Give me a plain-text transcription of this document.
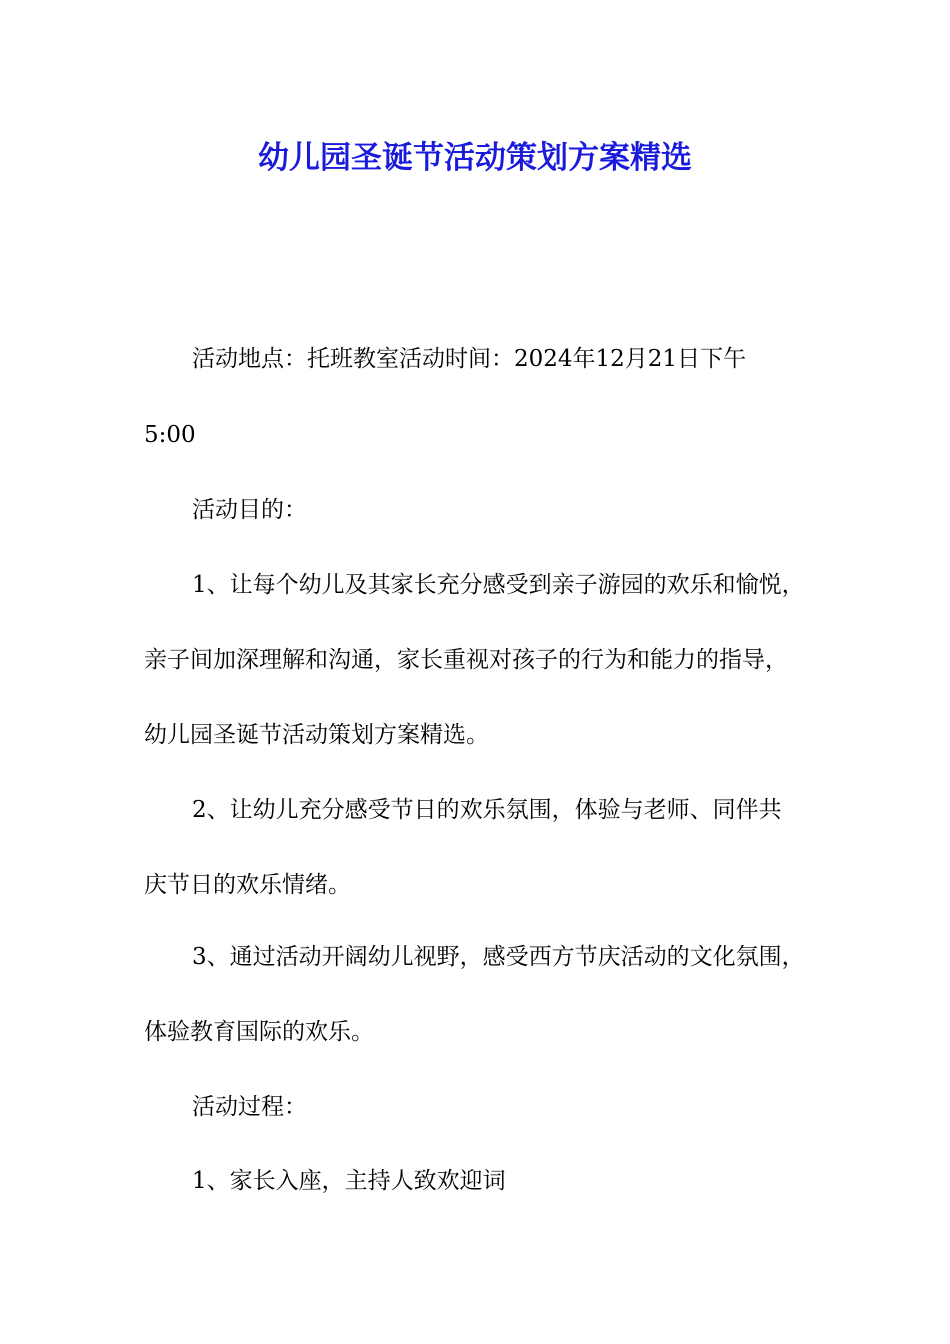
幼儿园圣诞节活动策划方案精选

活动地点：托班教室活动时间：2024年12月21日下午

5:00

活动目的：

1、让每个幼儿及其家长充分感受到亲子游园的欢乐和愉悦，

亲子间加深理解和沟通，家长重视对孩子的行为和能力的指导，

幼儿园圣诞节活动策划方案精选。

2、让幼儿充分感受节日的欢乐氛围，体验与老师、同伴共

庆节日的欢乐情绪。

3、通过活动开阔幼儿视野，感受西方节庆活动的文化氛围，

体验教育国际的欢乐。

活动过程：

1、家长入座，主持人致欢迎词
